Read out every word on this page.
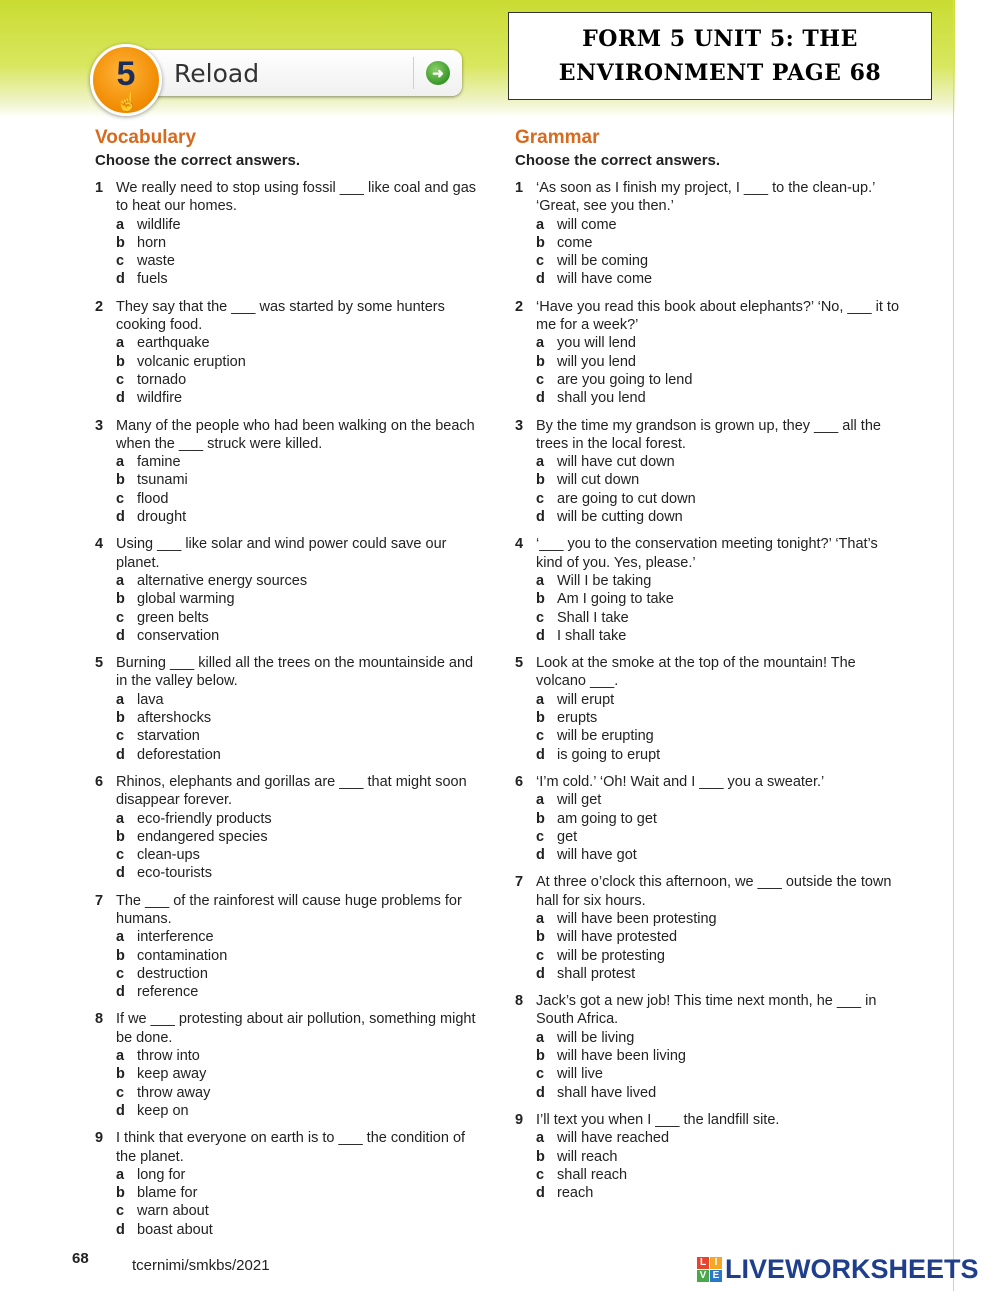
Reload	➜
5
☝
FORM 5 UNIT 5: THE
ENVIRONMENT PAGE 68
Vocabulary

Choose the correct answers.

1 We really need to stop using fossil ___ like coal and gas to heat our homes.
a wildlife
b horn
c waste
d fuels
2 They say that the ___ was started by some hunters cooking food.
a earthquake
b volcanic eruption
c tornado
d wildfire
3 Many of the people who had been walking on the beach when the ___ struck were killed.
a famine
b tsunami
c flood
d drought
4 Using ___ like solar and wind power could save our planet.
a alternative energy sources
b global warming
c green belts
d conservation
5 Burning ___ killed all the trees on the mountainside and in the valley below.
a lava
b aftershocks
c starvation
d deforestation
6 Rhinos, elephants and gorillas are ___ that might soon disappear forever.
a eco-friendly products
b endangered species
c clean-ups
d eco-tourists
7 The ___ of the rainforest will cause huge problems for humans.
a interference
b contamination
c destruction
d reference
8 If we ___ protesting about air pollution, something might be done.
a throw into
b keep away
c throw away
d keep on
9 I think that everyone on earth is to ___ the condition of the planet.
a long for
b blame for
c warn about
d boast about
Grammar

Choose the correct answers.

1 ‘As soon as I finish my project, I ___ to the clean-up.’ ‘Great, see you then.’
a will come
b come
c will be coming
d will have come
2 ‘Have you read this book about elephants?’ ‘No, ___ it to me for a week?’
a you will lend
b will you lend
c are you going to lend
d shall you lend
3 By the time my grandson is grown up, they ___ all the trees in the local forest.
a will have cut down
b will cut down
c are going to cut down
d will be cutting down
4 ‘___ you to the conservation meeting tonight?’ ‘That’s kind of you. Yes, please.’
a Will I be taking
b Am I going to take
c Shall I take
d I shall take
5 Look at the smoke at the top of the mountain! The volcano ___.
a will erupt
b erupts
c will be erupting
d is going to erupt
6 ‘I’m cold.’ ‘Oh! Wait and I ___ you a sweater.’
a will get
b am going to get
c get
d will have got
7 At three o’clock this afternoon, we ___ outside the town hall for six hours.
a will have been protesting
b will have protested
c will be protesting
d shall protest
8 Jack’s got a new job! This time next month, he ___ in South Africa.
a will be living
b will have been living
c will live
d shall have lived
9 I’ll text you when I ___ the landfill site.
a will have reached
b will reach
c shall reach
d reach
68	tcernimi/smkbs/2021	L I
V E LIVEWORKSHEETS
